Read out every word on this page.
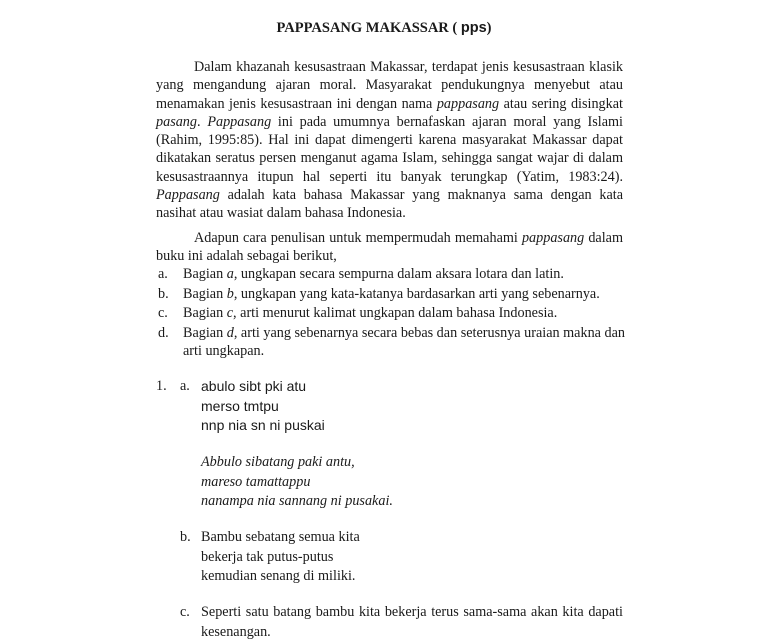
PAPPASANG MAKASSAR ( pps)

Dalam khazanah kesusastraan Makassar, terdapat jenis kesusastraan klasik yang mengandung ajaran moral. Masyarakat pendukungnya menyebut atau menamakan jenis kesusastraan ini dengan nama pappasang atau sering disingkat pasang. Pappasang ini pada umumnya bernafaskan ajaran moral yang Islami (Rahim, 1995:85). Hal ini dapat dimengerti karena masyarakat Makassar dapat dikatakan seratus persen menganut agama Islam, sehingga sangat wajar di dalam kesusastraannya itupun hal seperti itu banyak terungkap (Yatim, 1983:24). Pappasang adalah kata bahasa Makassar yang maknanya sama dengan kata nasihat atau wasiat dalam bahasa Indonesia.

Adapun cara penulisan untuk mempermudah memahami pappasang dalam buku ini adalah sebagai berikut,

a. Bagian a, ungkapan secara sempurna dalam aksara lotara dan latin.
b. Bagian b, ungkapan yang kata-katanya bardasarkan arti yang sebenarnya.
c. Bagian c, arti menurut kalimat ungkapan dalam bahasa Indonesia.
d. Bagian d, arti yang sebenarnya secara bebas dan seterusnya uraian makna dan arti ungkapan.
1. a. abulo sibt pki atu
merso tmtpu
nnp nia sn ni puskai
Abbulo sibatang paki antu,
mareso tamattappu
nanampa nia sannang ni pusakai.
b. Bambu sebatang semua kita
bekerja tak putus-putus
kemudian senang di miliki.
c. Seperti satu batang bambu kita bekerja terus sama-sama akan kita dapati
kesenangan.
